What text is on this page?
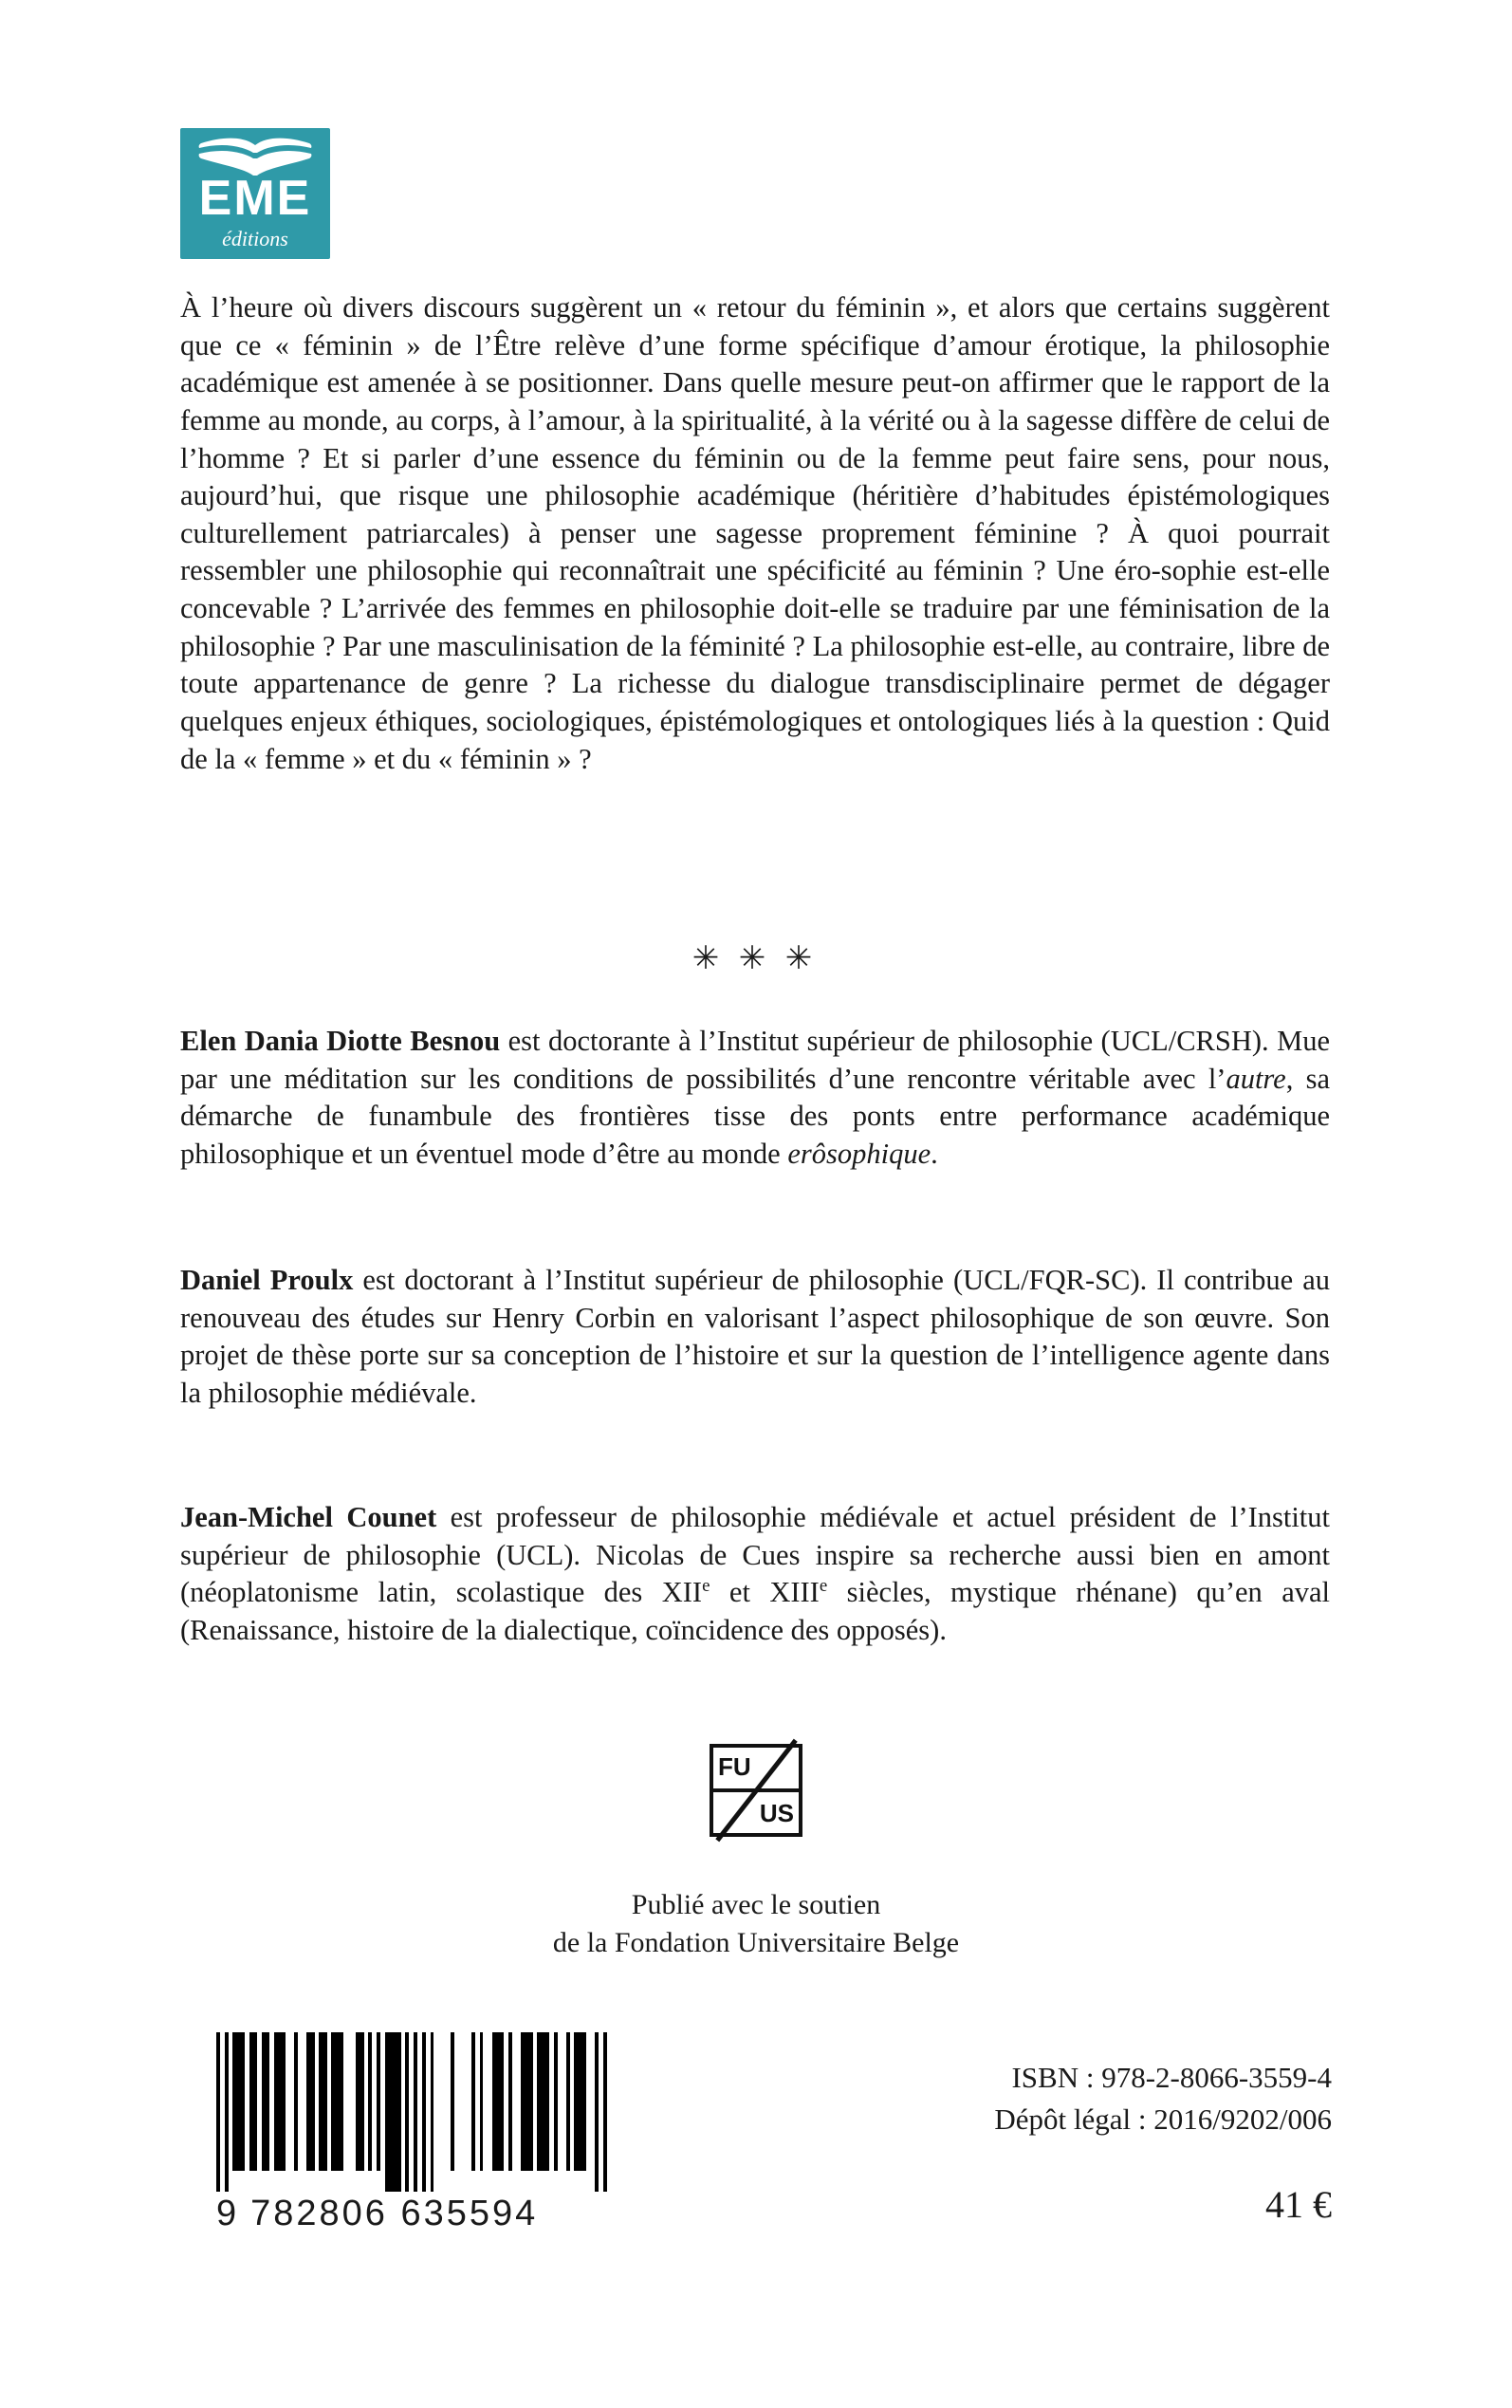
EME
éditions
À l’heure où divers discours suggèrent un « retour du féminin », et alors que certains suggèrent que ce « féminin » de l’Être relève d’une forme spécifique d’amour érotique, la philosophie académique est amenée à se positionner. Dans quelle mesure peut-on affirmer que le rapport de la femme au monde, au corps, à l’amour, à la spiritualité, à la vérité ou à la sagesse diffère de celui de l’homme ? Et si parler d’une essence du féminin ou de la femme peut faire sens, pour nous, aujourd’hui, que risque une philosophie académique (héritière d’habitudes épistémologiques culturellement patriarcales) à penser une sagesse proprement féminine ? À quoi pourrait ressembler une philosophie qui reconnaîtrait une spécificité au féminin ? Une éro-sophie est-elle concevable ? L’arrivée des femmes en philosophie doit-elle se traduire par une féminisation de la philosophie ? Par une masculinisation de la féminité ? La philosophie est-elle, au contraire, libre de toute appartenance de genre ? La richesse du dialogue transdisciplinaire permet de dégager quelques enjeux éthiques, sociologiques, épistémologiques et ontologiques liés à la question : Quid de la « femme » et du « féminin » ?
✳ ✳ ✳
Elen Dania Diotte Besnou est doctorante à l’Institut supérieur de philosophie (UCL/CRSH). Mue par une méditation sur les conditions de possibilités d’une rencontre véritable avec l’autre, sa démarche de funambule des frontières tisse des ponts entre performance académique philosophique et un éventuel mode d’être au monde erôsophique.
Daniel Proulx est doctorant à l’Institut supérieur de philosophie (UCL/FQR-SC). Il contribue au renouveau des études sur Henry Corbin en valorisant l’aspect philosophique de son œuvre. Son projet de thèse porte sur sa conception de l’histoire et sur la question de l’intelligence agente dans la philosophie médiévale.
Jean-Michel Counet est professeur de philosophie médiévale et actuel président de l’Institut supérieur de philosophie (UCL). Nicolas de Cues inspire sa recherche aussi bien en amont (néoplatonisme latin, scolastique des XIIe et XIIIe siècles, mystique rhénane) qu’en aval (Renaissance, histoire de la dialectique, coïncidence des opposés).
FU
US
Publié avec le soutien
de la Fondation Universitaire Belge
9 782806 635594
ISBN : 978-2-8066-3559-4
Dépôt légal : 2016/9202/006
41 €
